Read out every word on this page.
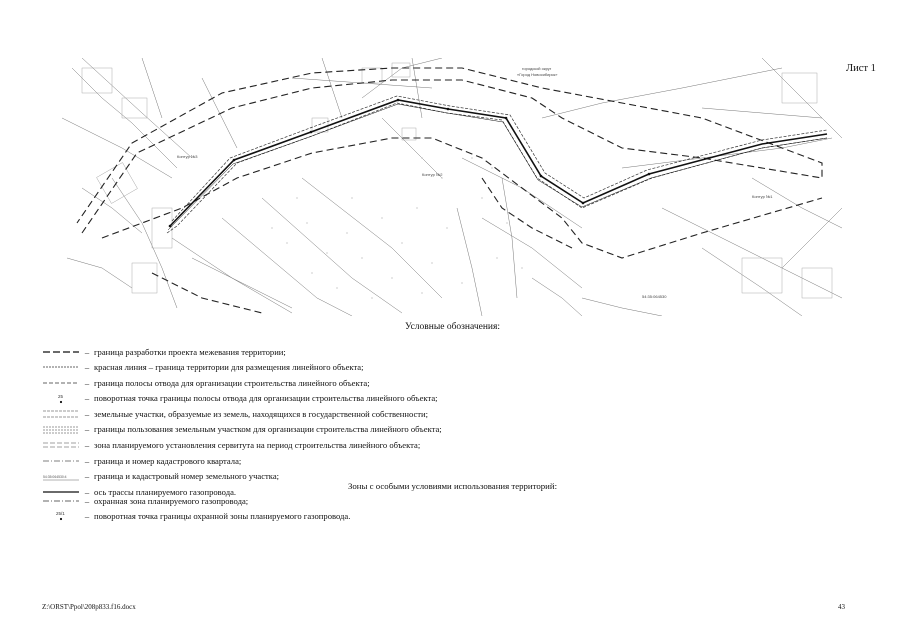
Лист 1
городской округ
«Город Новосибирск»
Контур №3
Контур №1
Контур №2
54:35:064530
Условные обозначения:
– граница разработки проекта межевания территории;
– красная линия – граница территории для размещения линейного объекта;
– граница полосы отвода для организации строительства линейного объекта;
25	– поворотная точка границы полосы отвода для организации строительства линейного объекта;
– земельные участки, образуемые из земель, находящихся в государственной собственности;
– границы пользования земельным участком для организации строительства линейного объекта;
– зона планируемого установления сервитута на период строительства линейного объекта;
– граница и номер кадастрового квартала;
54:35:064530:4	– граница и кадастровый номер земельного участка;
– ось трассы планируемого газопровода.
Зоны с особыми условиями использования территорий:
– охранная зона планируемого газопровода;
25/1	– поворотная точка границы охранной зоны планируемого газопровода.
Z:\ORST\Ppol\208p833.f16.docx	43
